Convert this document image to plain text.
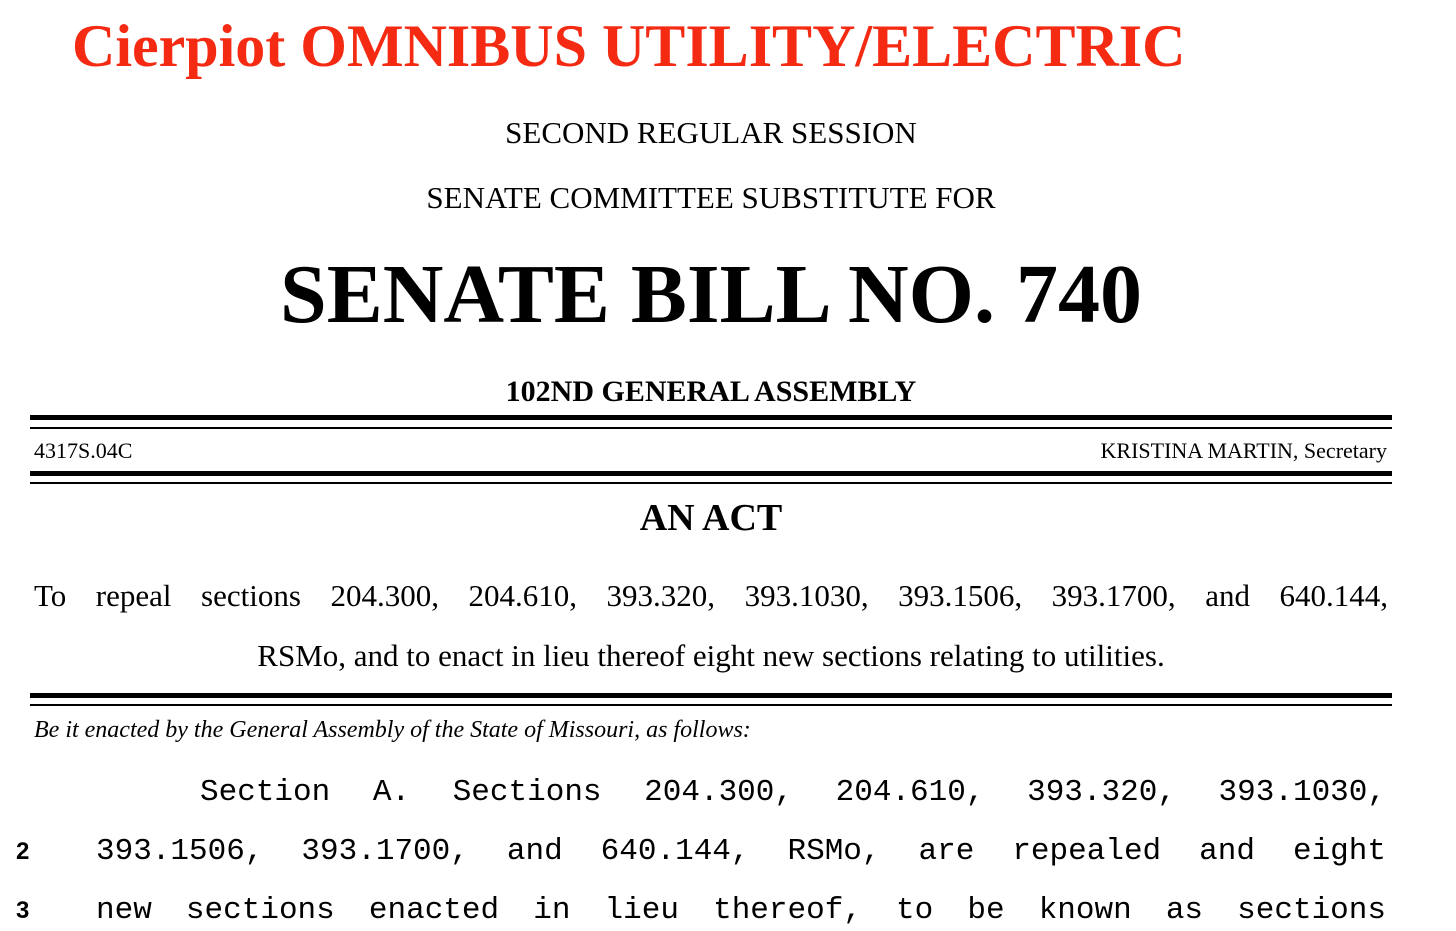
Cierpiot OMNIBUS UTILITY/ELECTRIC
SECOND REGULAR SESSION
SENATE COMMITTEE SUBSTITUTE FOR
SENATE BILL NO. 740
102ND GENERAL ASSEMBLY
4317S.04C	KRISTINA MARTIN, Secretary
AN ACT
To repeal sections 204.300, 204.610, 393.320, 393.1030, 393.1506, 393.1700, and 640.144,
RSMo, and to enact in lieu thereof eight new sections relating to utilities.
Be it enacted by the General Assembly of the State of Missouri, as follows:
Section A. Sections 204.300, 204.610, 393.320, 393.1030,
2 393.1506, 393.1700, and 640.144, RSMo, are repealed and eight
3 new sections enacted in lieu thereof, to be known as sections
